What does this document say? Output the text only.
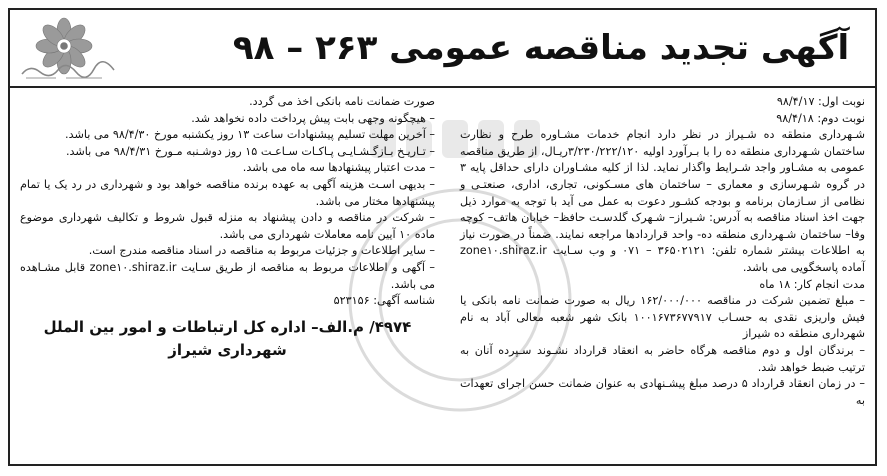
آگهی تجدید مناقصه عمومی ۲۶۳ – ۹۸

نوبت اول: ۹۸/۴/۱۷

نوبت دوم: ۹۸/۴/۱۸

شـهرداری منطقه ده شـیراز در نظر دارد انجام خدمات مشـاوره طرح و نظارت ساختمان شـهرداری منطقه ده را با بـرآورد اولیه ۳/۲۳۰/۲۲۲/۱۲۰ریـال، از طریق مناقصه عمومی به مشـاور واجد شـرایط واگذار نماید. لذا از کلیه مشـاوران دارای حداقل پایه ۳ در گروه شـهرسازی و معماری – ساختمان های مسـکونی، تجاری، اداری، صنعتـی و نظامی از سـازمان برنامه و بودجه کشـور دعوت به عمل می آید با توجه به موارد ذیل جهت اخذ اسناد مناقصه به آدرس: شـیراز– شـهرک گلدسـت حافظ– خیابان هاتف– کوچه وفا– ساختمان شـهرداری منطقه ده- واحد قراردادها مراجعه نمایند. ضمناً در صورت نیاز به اطلاعات بیشتر شماره تلفن: ۳۶۵۰۲۱۲۱ – ۰۷۱ و وب سـایت zone۱۰.shiraz.ir آماده پاسخگویی می باشد.

مدت انجام کار: ۱۸ ماه

– مبلغ تضمین شرکت در مناقصه ۱۶۲/۰۰۰/۰۰۰ ریال به صورت ضمانت نامه بانکی یا فیش واریزی نقدی به حسـاب ۱۰۰۱۶۷۳۶۷۷۹۱۷ بانک شهر شعبه معالی آباد به نام شهرداری منطقه ده شیراز

– برندگان اول و دوم مناقصه هرگاه حاضر به انعقاد قرارداد نشـوند سـپرده آنان به ترتیب ضبط خواهد شد.

– در زمان انعقاد قرارداد ۵ درصد مبلغ پیشـنهادی به عنوان ضمانت حسن اجرای تعهدات به

صورت ضمانت نامه بانکی اخذ می گردد.

– هیچگونه وجهی بابت پیش پرداخت داده نخواهد شد.

– آخرین مهلت تسلیم پیشنهادات ساعت ۱۳ روز یکشنبه مورخ ۹۸/۴/۳۰ می باشد.

– تـاریـخ بـازگـشـایـی پـاکـات سـاعـت ۱۵ روز دوشـنبه مـورخ ۹۸/۴/۳۱ می باشد.

– مدت اعتبار پیشنهادها سه ماه می باشد.

– بدیهی اسـت هزینه آگهی به عهده برنده مناقصه خواهد بود و شهرداری در رد یک یا تمام پیشنهادها مختار می باشد.

– شرکت در مناقصه و دادن پیشنهاد به منزله قبول شروط و تکالیف شهرداری موضوع ماده ۱۰ آیین نامه معاملات شهرداری می باشد.

– سایر اطلاعات و جزئیات مربوط به مناقصه در اسناد مناقصه مندرج است.

– آگهی و اطلاعات مربوط به مناقصه از طریق سـایت zone۱۰.shiraz.ir قابل مشـاهده می باشد.

شناسه آگهی: ۵۲۳۱۵۶

۴۹۷۴/ م.الف– اداره کل ارتباطات و امور بین الملل
شهرداری شیراز
